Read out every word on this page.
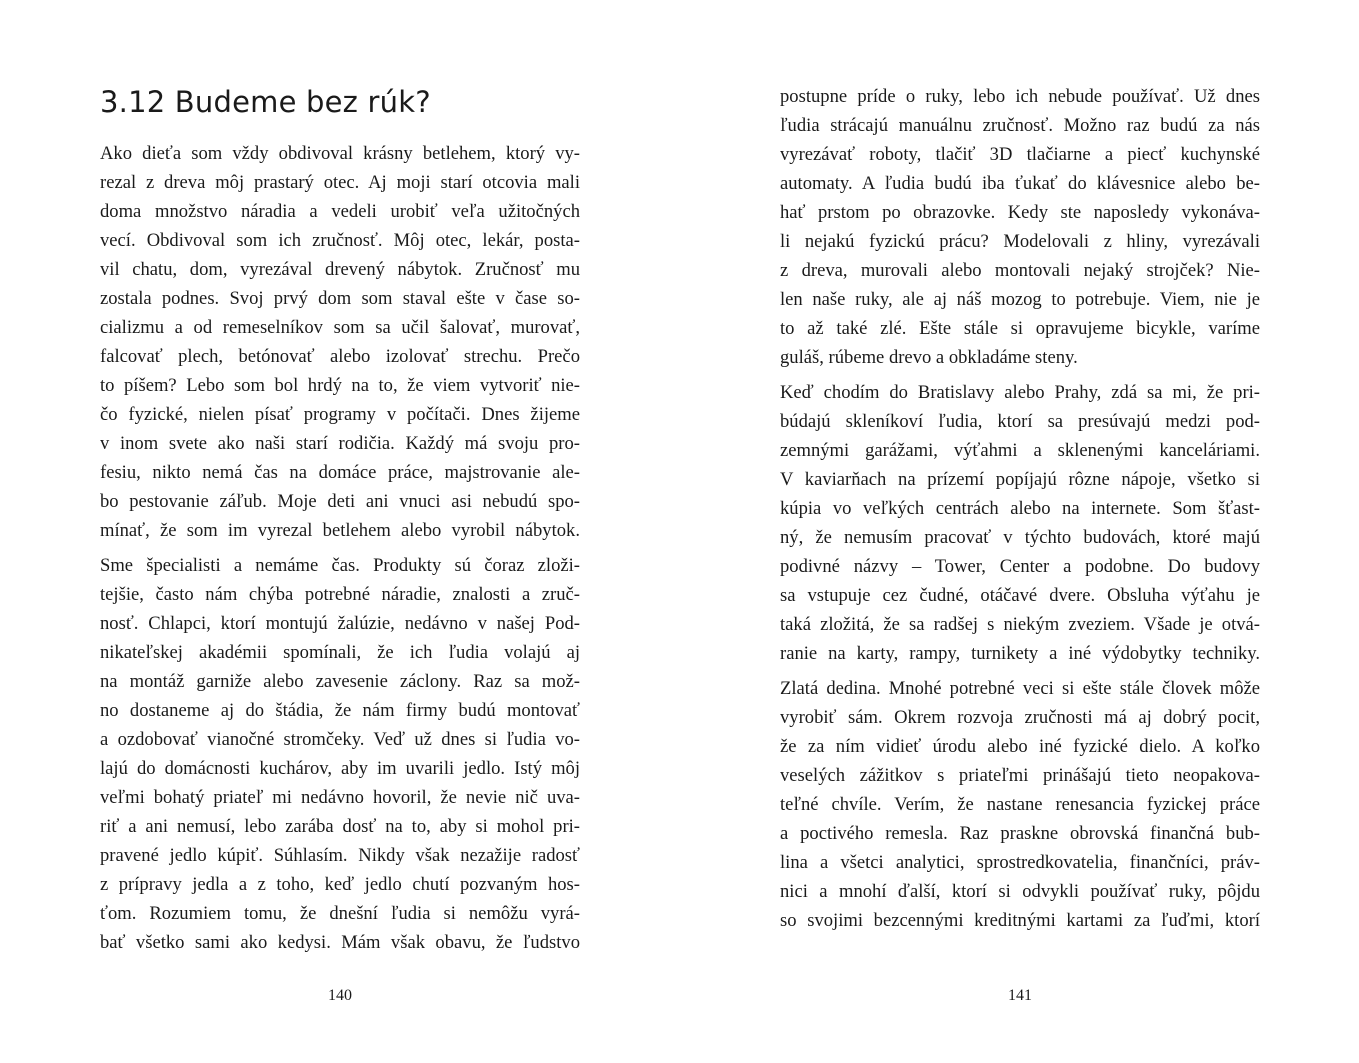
3.12 Budeme bez rúk?
Ako dieťa som vždy obdivoval krásny betlehem, ktorý vy-
rezal z dreva môj prastarý otec. Aj moji starí otcovia mali
doma množstvo náradia a vedeli urobiť veľa užitočných
vecí. Obdivoval som ich zručnosť. Môj otec, lekár, posta-
vil chatu, dom, vyrezával drevený nábytok. Zručnosť mu
zostala podnes. Svoj prvý dom som staval ešte v čase so-
cializmu a od remeselníkov som sa učil šalovať, murovať,
falcovať plech, betónovať alebo izolovať strechu. Prečo
to píšem? Lebo som bol hrdý na to, že viem vytvoriť nie-
čo fyzické, nielen písať programy v počítači. Dnes žijeme
v inom svete ako naši starí rodičia. Každý má svoju pro-
fesiu, nikto nemá čas na domáce práce, majstrovanie ale-
bo pestovanie záľub. Moje deti ani vnuci asi nebudú spo-
mínať, že som im vyrezal betlehem alebo vyrobil nábytok.
Sme špecialisti a nemáme čas. Produkty sú čoraz zloži-
tejšie, často nám chýba potrebné náradie, znalosti a zruč-
nosť. Chlapci, ktorí montujú žalúzie, nedávno v našej Pod-
nikateľskej akadémii spomínali, že ich ľudia volajú aj
na montáž garniže alebo zavesenie záclony. Raz sa mož-
no dostaneme aj do štádia, že nám firmy budú montovať
a ozdobovať vianočné stromčeky. Veď už dnes si ľudia vo-
lajú do domácnosti kuchárov, aby im uvarili jedlo. Istý môj
veľmi bohatý priateľ mi nedávno hovoril, že nevie nič uva-
riť a ani nemusí, lebo zarába dosť na to, aby si mohol pri-
pravené jedlo kúpiť. Súhlasím. Nikdy však nezažije radosť
z prípravy jedla a z toho, keď jedlo chutí pozvaným hos-
ťom. Rozumiem tomu, že dnešní ľudia si nemôžu vyrá-
bať všetko sami ako kedysi. Mám však obavu, že ľudstvo
140
postupne príde o ruky, lebo ich nebude používať. Už dnes
ľudia strácajú manuálnu zručnosť. Možno raz budú za nás
vyrezávať roboty, tlačiť 3D tlačiarne a piecť kuchynské
automaty. A ľudia budú iba ťukať do klávesnice alebo be-
hať prstom po obrazovke. Kedy ste naposledy vykonáva-
li nejakú fyzickú prácu? Modelovali z hliny, vyrezávali
z dreva, murovali alebo montovali nejaký strojček? Nie-
len naše ruky, ale aj náš mozog to potrebuje. Viem, nie je
to až také zlé. Ešte stále si opravujeme bicykle, varíme
guláš, rúbeme drevo a obkladáme steny.
Keď chodím do Bratislavy alebo Prahy, zdá sa mi, že pri-
búdajú skleníkoví ľudia, ktorí sa presúvajú medzi pod-
zemnými garážami, výťahmi a sklenenými kanceláriami.
V kaviarňach na prízemí popíjajú rôzne nápoje, všetko si
kúpia vo veľkých centrách alebo na internete. Som šťast-
ný, že nemusím pracovať v týchto budovách, ktoré majú
podivné názvy – Tower, Center a podobne. Do budovy
sa vstupuje cez čudné, otáčavé dvere. Obsluha výťahu je
taká zložitá, že sa radšej s niekým zveziem. Všade je otvá-
ranie na karty, rampy, turnikety a iné výdobytky techniky.
Zlatá dedina. Mnohé potrebné veci si ešte stále človek môže
vyrobiť sám. Okrem rozvoja zručnosti má aj dobrý pocit,
že za ním vidieť úrodu alebo iné fyzické dielo. A koľko
veselých zážitkov s priateľmi prinášajú tieto neopakova-
teľné chvíle. Verím, že nastane renesancia fyzickej práce
a poctivého remesla. Raz praskne obrovská finančná bub-
lina a všetci analytici, sprostredkovatelia, finančníci, práv-
nici a mnohí ďalší, ktorí si odvykli používať ruky, pôjdu
so svojimi bezcennými kreditnými kartami za ľuďmi, ktorí
141
